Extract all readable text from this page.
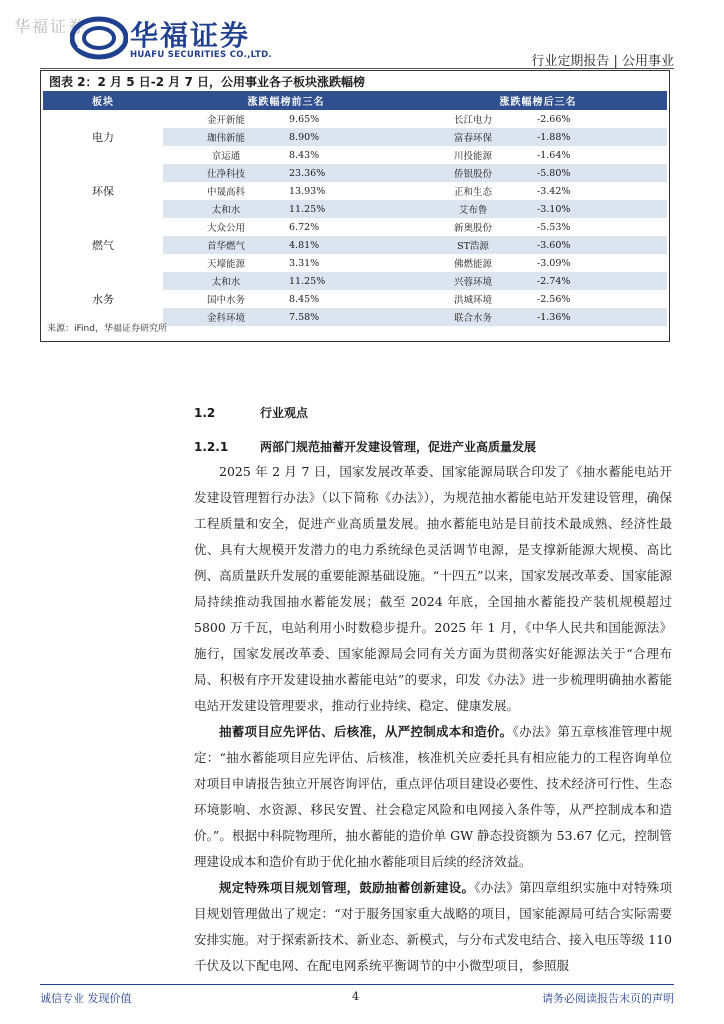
华福证券 华福证券
HUAFU SECURITIES CO.,LTD.	行业定期报告 | 公用事业
图表 2：2 月 5 日-2 月 7 日，公用事业各子板块涨跌幅榜
板块	涨跌幅榜前三名		涨跌幅榜后三名	
电力	金开新能	9.65%	长江电力	-2.66%
	珈伟新能	8.90%	富春环保	-1.88%
	京运通	8.43%	川投能源	-1.64%
环保	仕净科技	23.36%	侨银股份	-5.80%
	中晟高科	13.93%	正和生态	-3.42%
	太和水	11.25%	艾布鲁	-3.10%
燃气	大众公用	6.72%	新奥股份	-5.53%
	首华燃气	4.81%	ST浩源	-3.60%
	天壕能源	3.31%	佛燃能源	-3.09%
水务	太和水	11.25%	兴蓉环境	-2.74%
	国中水务	8.45%	洪城环境	-2.56%
	金科环境	7.58%	联合水务	-1.36%
来源：iFind，华福证券研究所
1.2	行业观点
1.2.1	两部门规范抽蓄开发建设管理，促进产业高质量发展

2025 年 2 月 7 日，国家发展改革委、国家能源局联合印发了《抽水蓄能电站开发建设管理暂行办法》（以下简称《办法》），为规范抽水蓄能电站开发建设管理，确保工程质量和安全，促进产业高质量发展。抽水蓄能电站是目前技术最成熟、经济性最优、具有大规模开发潜力的电力系统绿色灵活调节电源，是支撑新能源大规模、高比例、高质量跃升发展的重要能源基础设施。“十四五”以来，国家发展改革委、国家能源局持续推动我国抽水蓄能发展；截至 2024 年底，全国抽水蓄能投产装机规模超过 5800 万千瓦，电站利用小时数稳步提升。2025 年 1 月，《中华人民共和国能源法》施行，国家发展改革委、国家能源局会同有关方面为贯彻落实好能源法关于“合理布局、积极有序开发建设抽水蓄能电站”的要求，印发《办法》进一步梳理明确抽水蓄能电站开发建设管理要求，推动行业持续、稳定、健康发展。

抽蓄项目应先评估、后核准，从严控制成本和造价。《办法》第五章核准管理中规定：“抽水蓄能项目应先评估、后核准，核准机关应委托具有相应能力的工程咨询单位对项目申请报告独立开展咨询评估，重点评估项目建设必要性、技术经济可行性、生态环境影响、水资源、移民安置、社会稳定风险和电网接入条件等，从严控制成本和造价。”。根据中科院物理所，抽水蓄能的造价单 GW 静态投资额为 53.67 亿元，控制管理建设成本和造价有助于优化抽水蓄能项目后续的经济效益。

规定特殊项目规划管理，鼓励抽蓄创新建设。《办法》第四章组织实施中对特殊项目规划管理做出了规定：“对于服务国家重大战略的项目，国家能源局可结合实际需要安排实施。对于探索新技术、新业态、新模式，与分布式发电结合、接入电压等级 110 千伏及以下配电网、在配电网系统平衡调节的中小微型项目，参照服

诚信专业 发现价值	4	请务必阅读报告末页的声明
